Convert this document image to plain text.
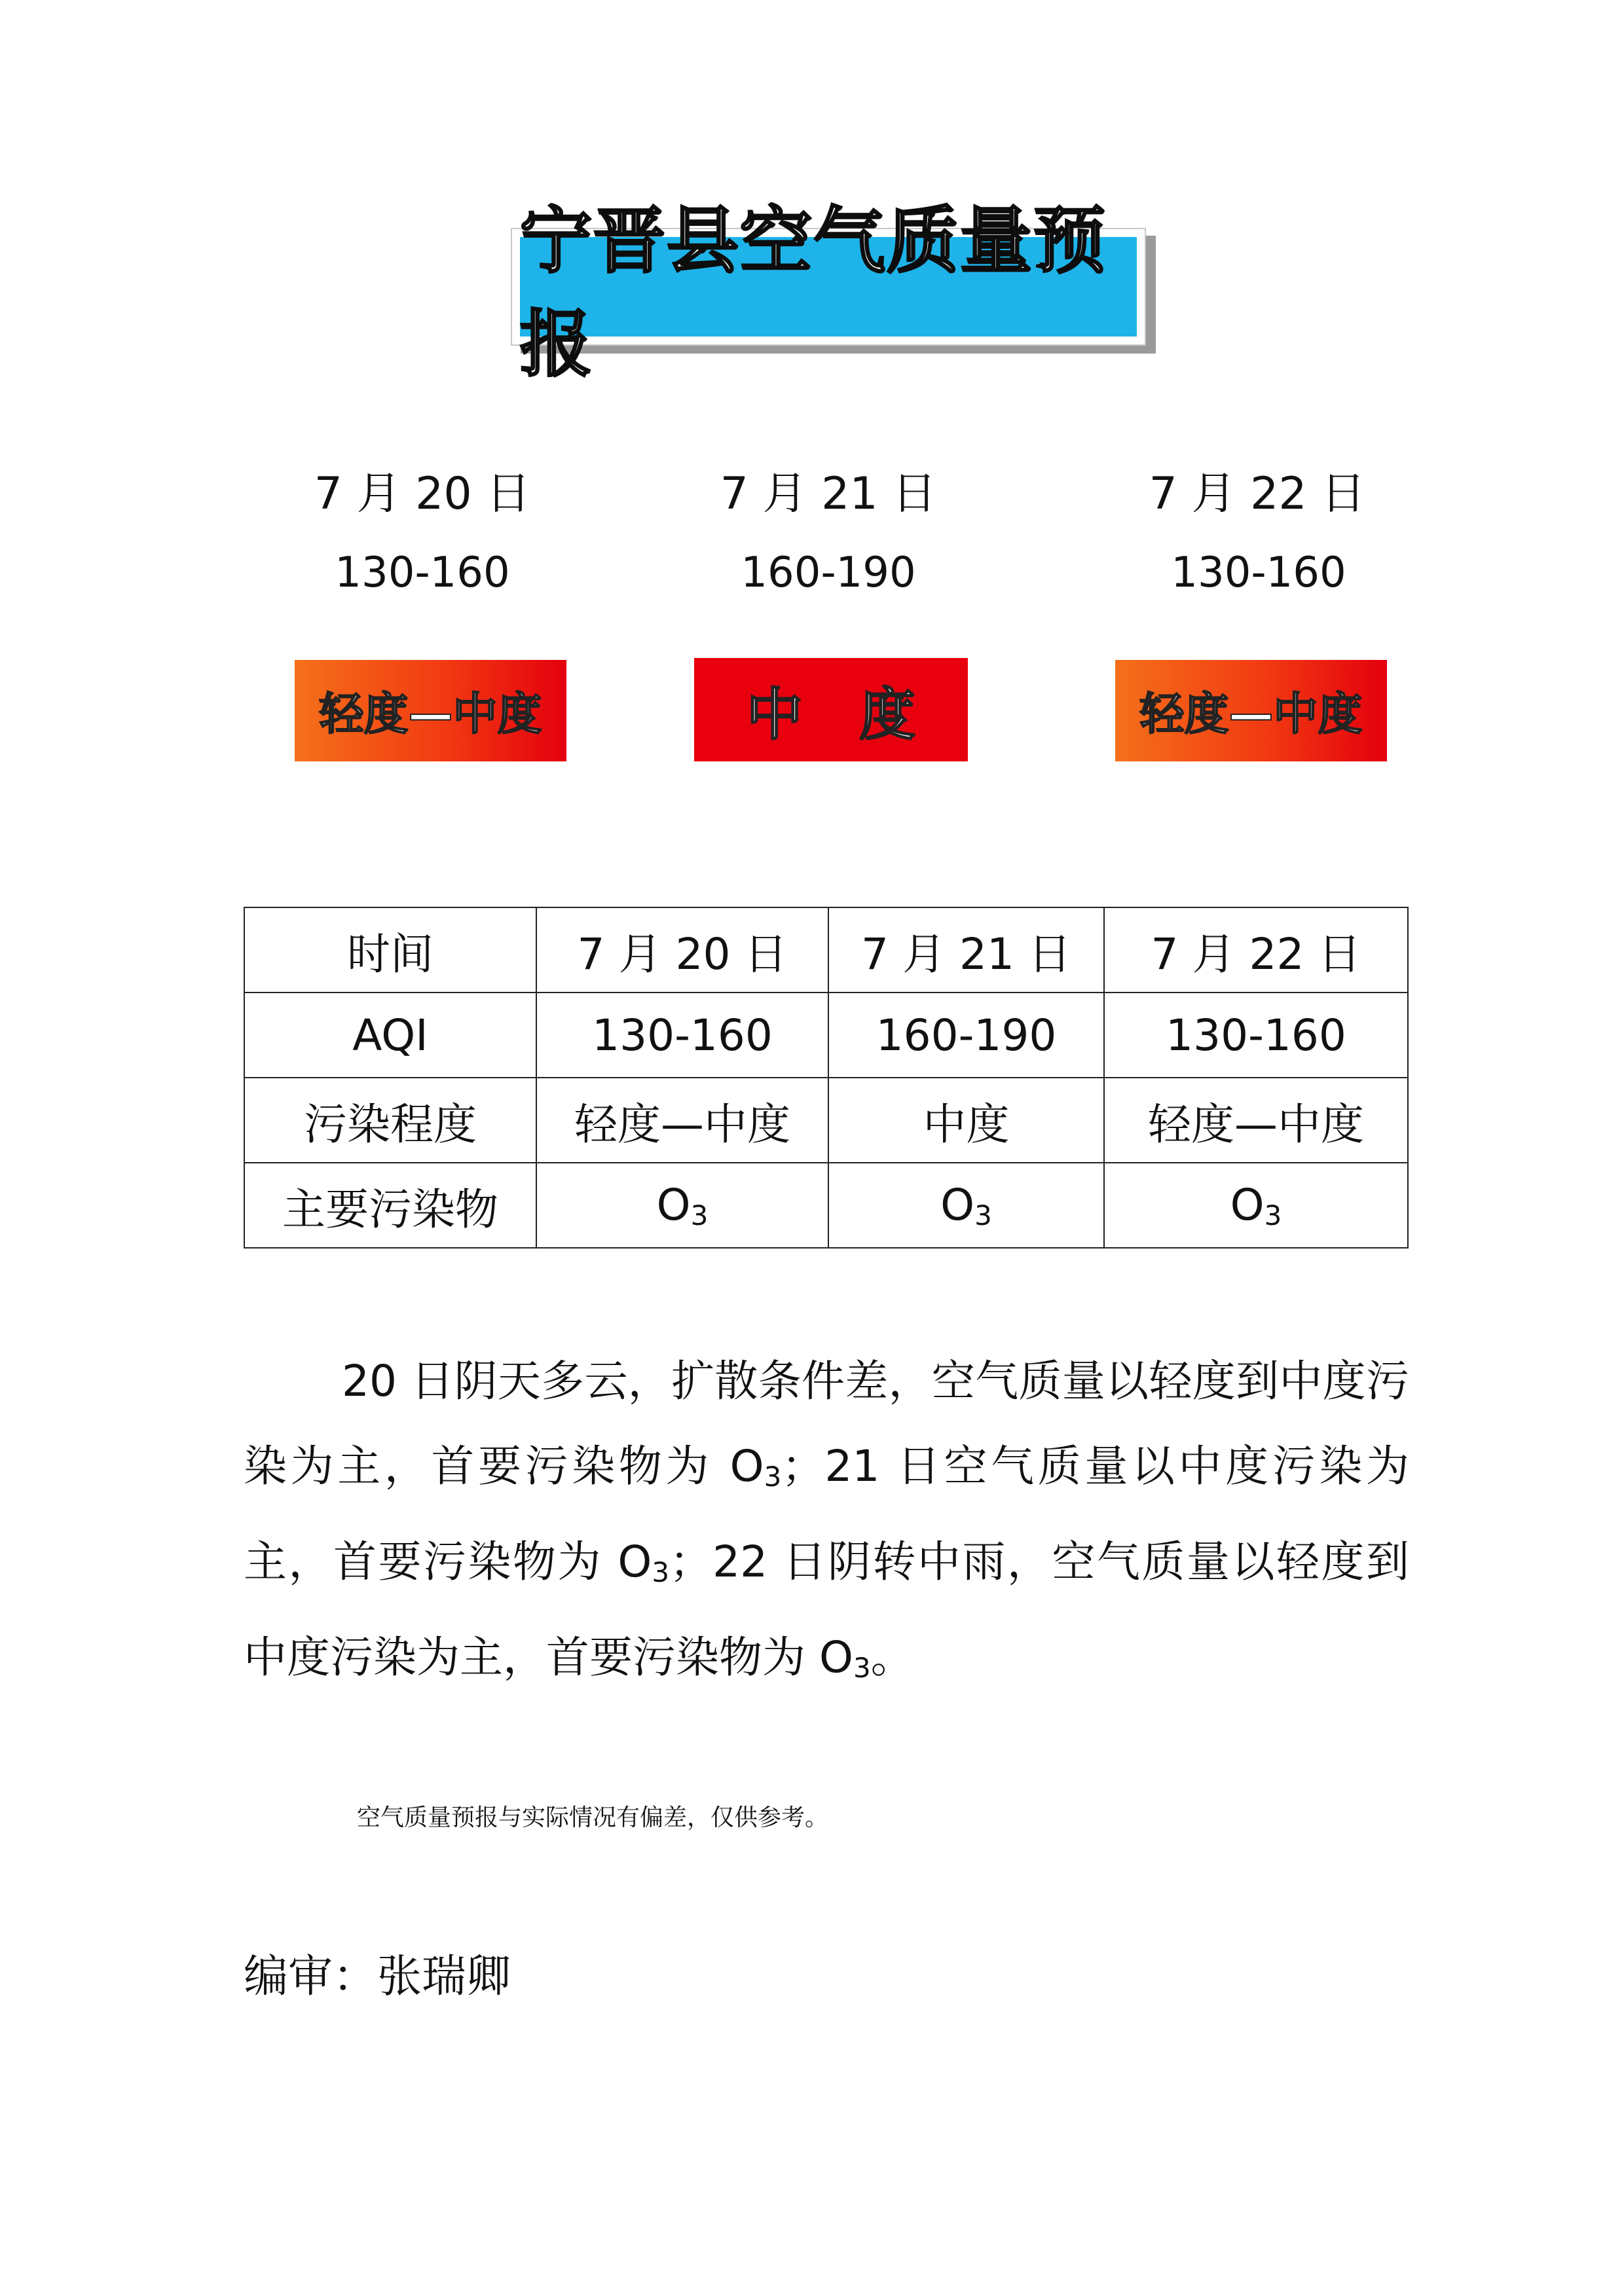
宁晋县空气质量预报
7 月 20 日
130-160
轻度—中度
7 月 21 日
160-190
中　度
7 月 22 日
130-160
轻度—中度
时间	7 月 20 日	7 月 21 日	7 月 22 日
AQI	130-160	160-190	130-160
污染程度	轻度—中度	中度	轻度—中度
主要污染物	$O_3$	$O_3$	$O_3$
20 日阴天多云，扩散条件差，空气质量以轻度到中度污染为主，首要污染物为 $O_3$；21 日空气质量以中度污染为主，首要污染物为 $O_3$；22 日阴转中雨，空气质量以轻度到中度污染为主，首要污染物为 $O_3$。
空气质量预报与实际情况有偏差，仅供参考。
编审：张瑞卿
